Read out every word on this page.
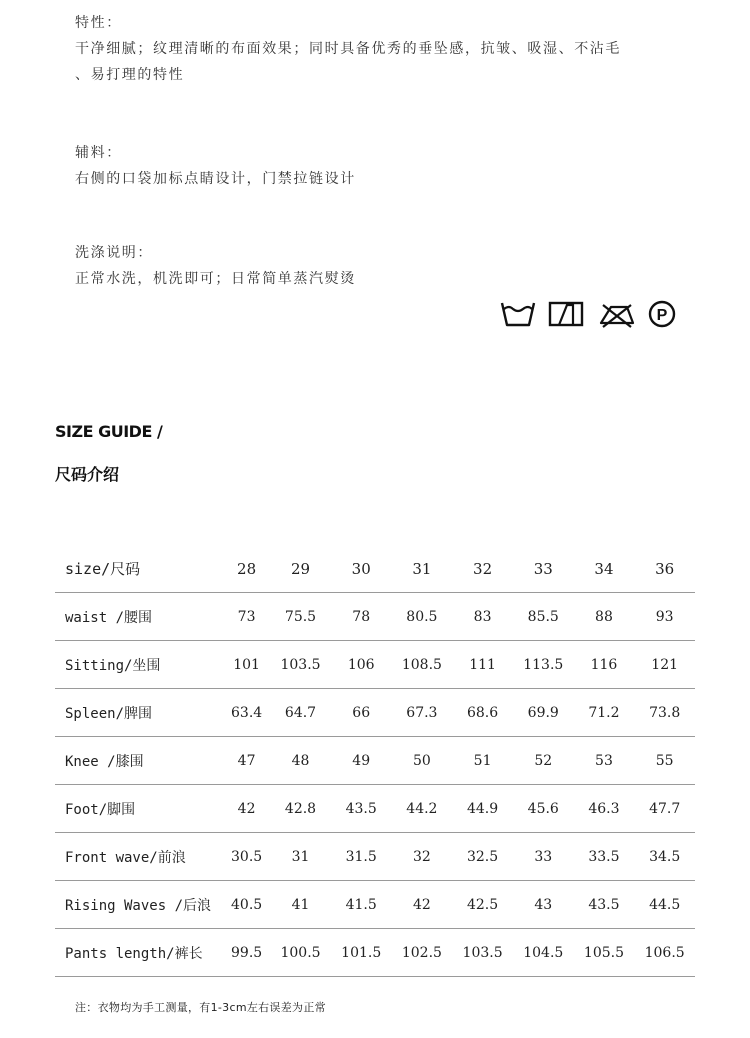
特性：

干净细腻；纹理清晰的布面效果；同时具备优秀的垂坠感，抗皱、吸湿、不沾毛

、易打理的特性

辅料：

右侧的口袋加标点睛设计，门禁拉链设计

洗涤说明：

正常水洗，机洗即可；日常简单蒸汽熨烫

P
SIZE GUIDE /
尺码介绍
size/尺码	28	29	30	31	32	33	34	36
waist /腰围	73	75.5	78	80.5	83	85.5	88	93
Sitting/坐围	101	103.5	106	108.5	111	113.5	116	121
Spleen/脾围	63.4	64.7	66	67.3	68.6	69.9	71.2	73.8
Knee /膝围	47	48	49	50	51	52	53	55
Foot/脚围	42	42.8	43.5	44.2	44.9	45.6	46.3	47.7
Front wave/前浪	30.5	31	31.5	32	32.5	33	33.5	34.5
Rising Waves /后浪	40.5	41	41.5	42	42.5	43	43.5	44.5
Pants length/裤长	99.5	100.5	101.5	102.5	103.5	104.5	105.5	106.5
注：衣物均为手工测量，有1-3cm左右误差为正常
